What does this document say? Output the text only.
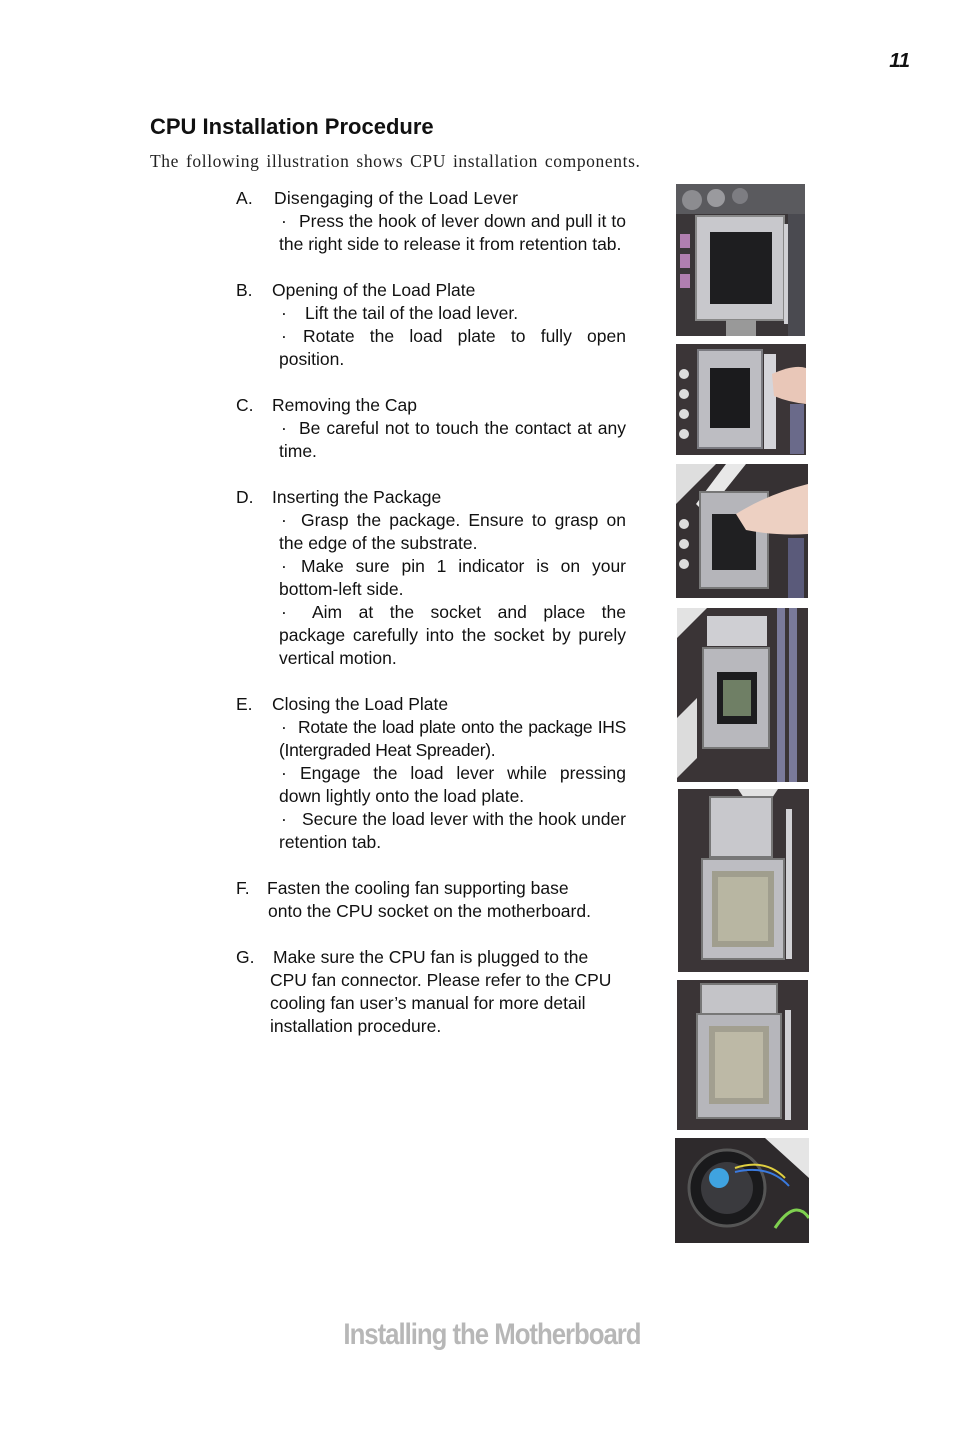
11
CPU Installation Procedure

The following illustration shows CPU installation components.

A.	Disengaging of the Load Lever
· Press the hook of lever down and pull it to the right side to release it from retention tab.
B.	Opening of the Load Plate
· Lift the tail of the load lever.
· Rotate the load plate to fully open position.
C.	Removing the Cap
· Be careful not to touch the contact at any time.
D.	Inserting the Package
· Grasp the package. Ensure to grasp on the edge of the substrate.
· Make sure pin 1 indicator is on your bottom-left side.
· Aim at the socket and place the package carefully into the socket by purely vertical motion.
E.	Closing the Load Plate
· Rotate the load plate onto the package IHS (Intergraded Heat Spreader).
· Engage the load lever while pressing down lightly onto the load plate.
· Secure the load lever with the hook under retention tab.
F. Fasten the cooling fan supporting base
onto the CPU socket on the motherboard.
G.	Make sure the CPU fan is plugged to the
CPU fan connector. Please refer to the CPU cooling fan user’s manual for more detail installation procedure.
Installing the Motherboard
